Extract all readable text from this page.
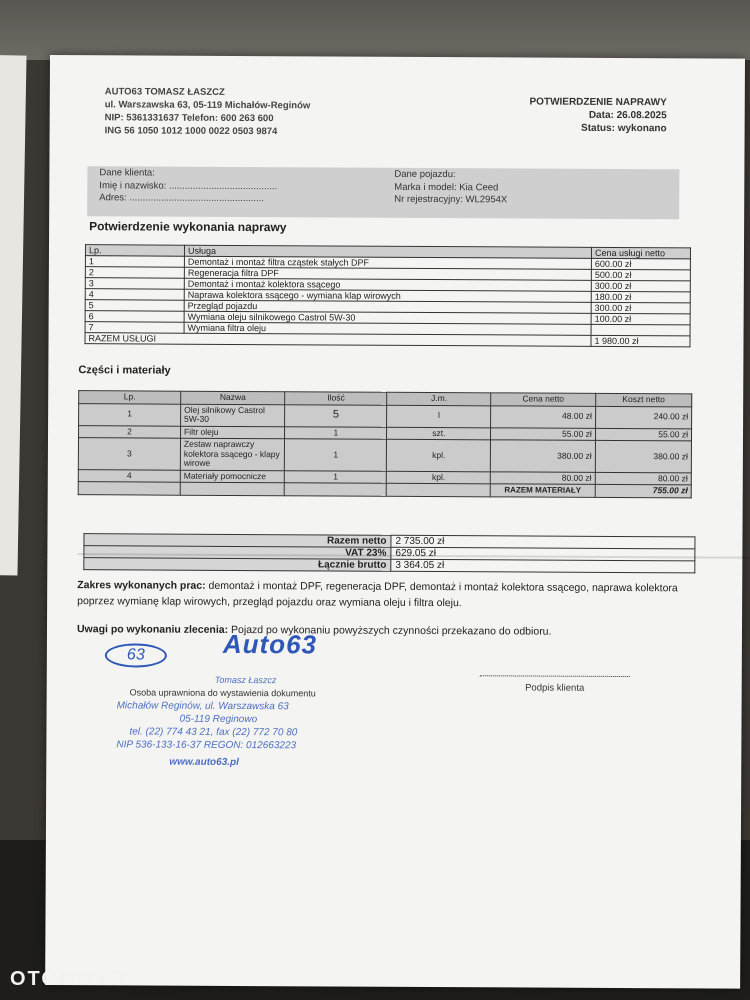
AUTO63 TOMASZ ŁASZCZ
ul. Warszawska 63, 05-119 Michałów-Reginów
NIP: 5361331637 Telefon: 600 263 600
ING 56 1050 1012 1000 0022 0503 9874
POTWIERDZENIE NAPRAWY
Data: 26.08.2025
Status: wykonano
Dane klienta:
Imię i nazwisko: .........................................
Adres: ...................................................
Dane pojazdu:
Marka i model: Kia Ceed
Nr rejestracyjny: WL2954X
Potwierdzenie wykonania naprawy
Lp.	Usługa	Cena usługi netto
1	Demontaż i montaż filtra cząstek stałych DPF	600.00 zł
2	Regeneracja filtra DPF	500.00 zł
3	Demontaż i montaż kolektora ssącego	300.00 zł
4	Naprawa kolektora ssącego - wymiana klap wirowych	180.00 zł
5	Przegląd pojazdu	300.00 zł
6	Wymiana oleju silnikowego Castrol 5W-30	100.00 zł
7	Wymiana filtra oleju	
RAZEM USŁUGI		1 980.00 zł
Części i materiały
Lp.	Nazwa	Ilość	J.m.	Cena netto	Koszt netto
1	Olej silnikowy Castrol 5W-30	5	l	48.00 zł	240.00 zł
2	Filtr oleju	1	szt.	55.00 zł	55.00 zł
3	Zestaw naprawczy kolektora ssącego - klapy wirowe	1	kpl.	380.00 zł	380.00 zł
4	Materiały pomocnicze	1	kpl.	80.00 zł	80.00 zł
				RAZEM MATERIAŁY	755.00 zł
Razem netto	2 735.00 zł
VAT 23%	629.05 zł
Łącznie brutto	3 364.05 zł
Zakres wykonanych prac: demontaż i montaż DPF, regeneracja DPF, demontaż i montaż kolektora ssącego, naprawa kolektora poprzez wymianę klap wirowych, przegląd pojazdu oraz wymiana oleju i filtra oleju.
Uwagi po wykonaniu zlecenia: Pojazd po wykonaniu powyższych czynności przekazano do odbioru.
63	Auto63
Tomasz Łaszcz
Osoba uprawniona do wystawienia dokumentu
Michałów Reginów, ul. Warszawska 63
05-119 Reginowo
tel. (22) 774 43 21, fax (22) 772 70 80
NIP 536-133-16-37 REGON: 012663223
www.auto63.pl
Podpis klienta
OTOMOTO
